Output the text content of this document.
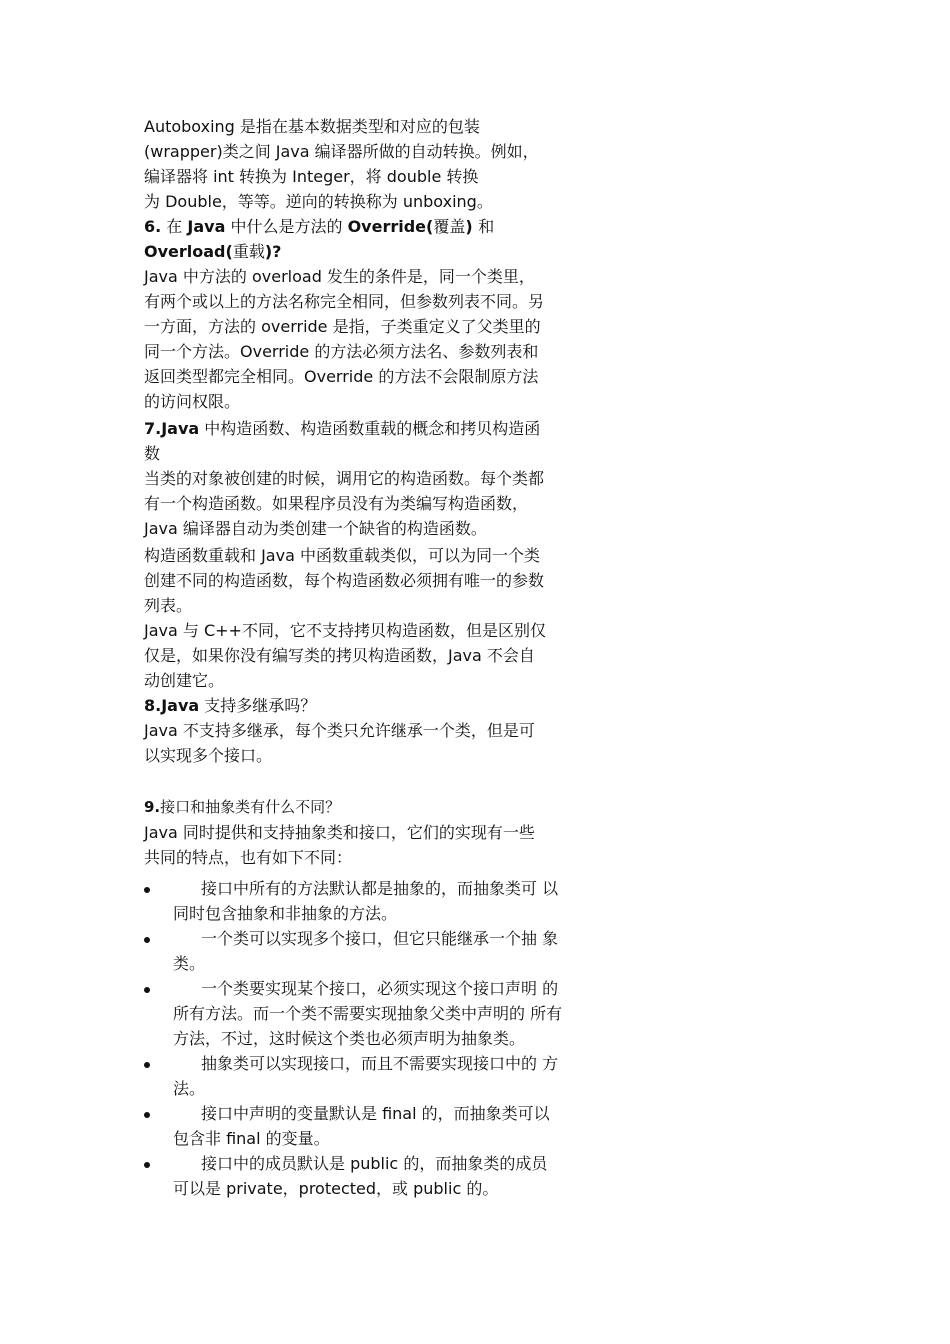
Autoboxing 是指在基本数据类型和对应的包装
(wrapper)类之间 Java 编译器所做的自动转换。例如，
编译器将 int 转换为 Integer，将 double 转换
为 Double，等等。逆向的转换称为 unboxing。

6. 在 Java 中什么是方法的 Override(覆盖) 和
Overload(重载)?

Java 中方法的 overload 发生的条件是，同一个类里，
有两个或以上的方法名称完全相同，但参数列表不同。另
一方面，方法的 override 是指，子类重定义了父类里的
同一个方法。Override 的方法必须方法名、参数列表和
返回类型都完全相同。Override 的方法不会限制原方法
的访问权限。

7.Java 中构造函数、构造函数重载的概念和拷贝构造函
数

当类的对象被创建的时候，调用它的构造函数。每个类都
有一个构造函数。如果程序员没有为类编写构造函数，
Java 编译器自动为类创建一个缺省的构造函数。

构造函数重载和 Java 中函数重载类似，可以为同一个类
创建不同的构造函数，每个构造函数必须拥有唯一的参数
列表。

Java 与 C++不同，它不支持拷贝构造函数，但是区别仅
仅是，如果你没有编写类的拷贝构造函数，Java 不会自
动创建它。

8.Java 支持多继承吗？

Java 不支持多继承，每个类只允许继承一个类，但是可
以实现多个接口。

9.接口和抽象类有什么不同？

Java 同时提供和支持抽象类和接口，它们的实现有一些
共同的特点，也有如下不同：

接口中所有的方法默认都是抽象的，而抽象类可 以同时包含抽象和非抽象的方法。
一个类可以实现多个接口，但它只能继承一个抽 象类。
一个类要实现某个接口，必须实现这个接口声明 的所有方法。而一个类不需要实现抽象父类中声明的 所有方法，不过，这时候这个类也必须声明为抽象类。
抽象类可以实现接口，而且不需要实现接口中的 方法。
接口中声明的变量默认是 final 的，而抽象类可以 包含非 final 的变量。
接口中的成员默认是 public 的，而抽象类的成员 可以是 private，protected，或 public 的。
